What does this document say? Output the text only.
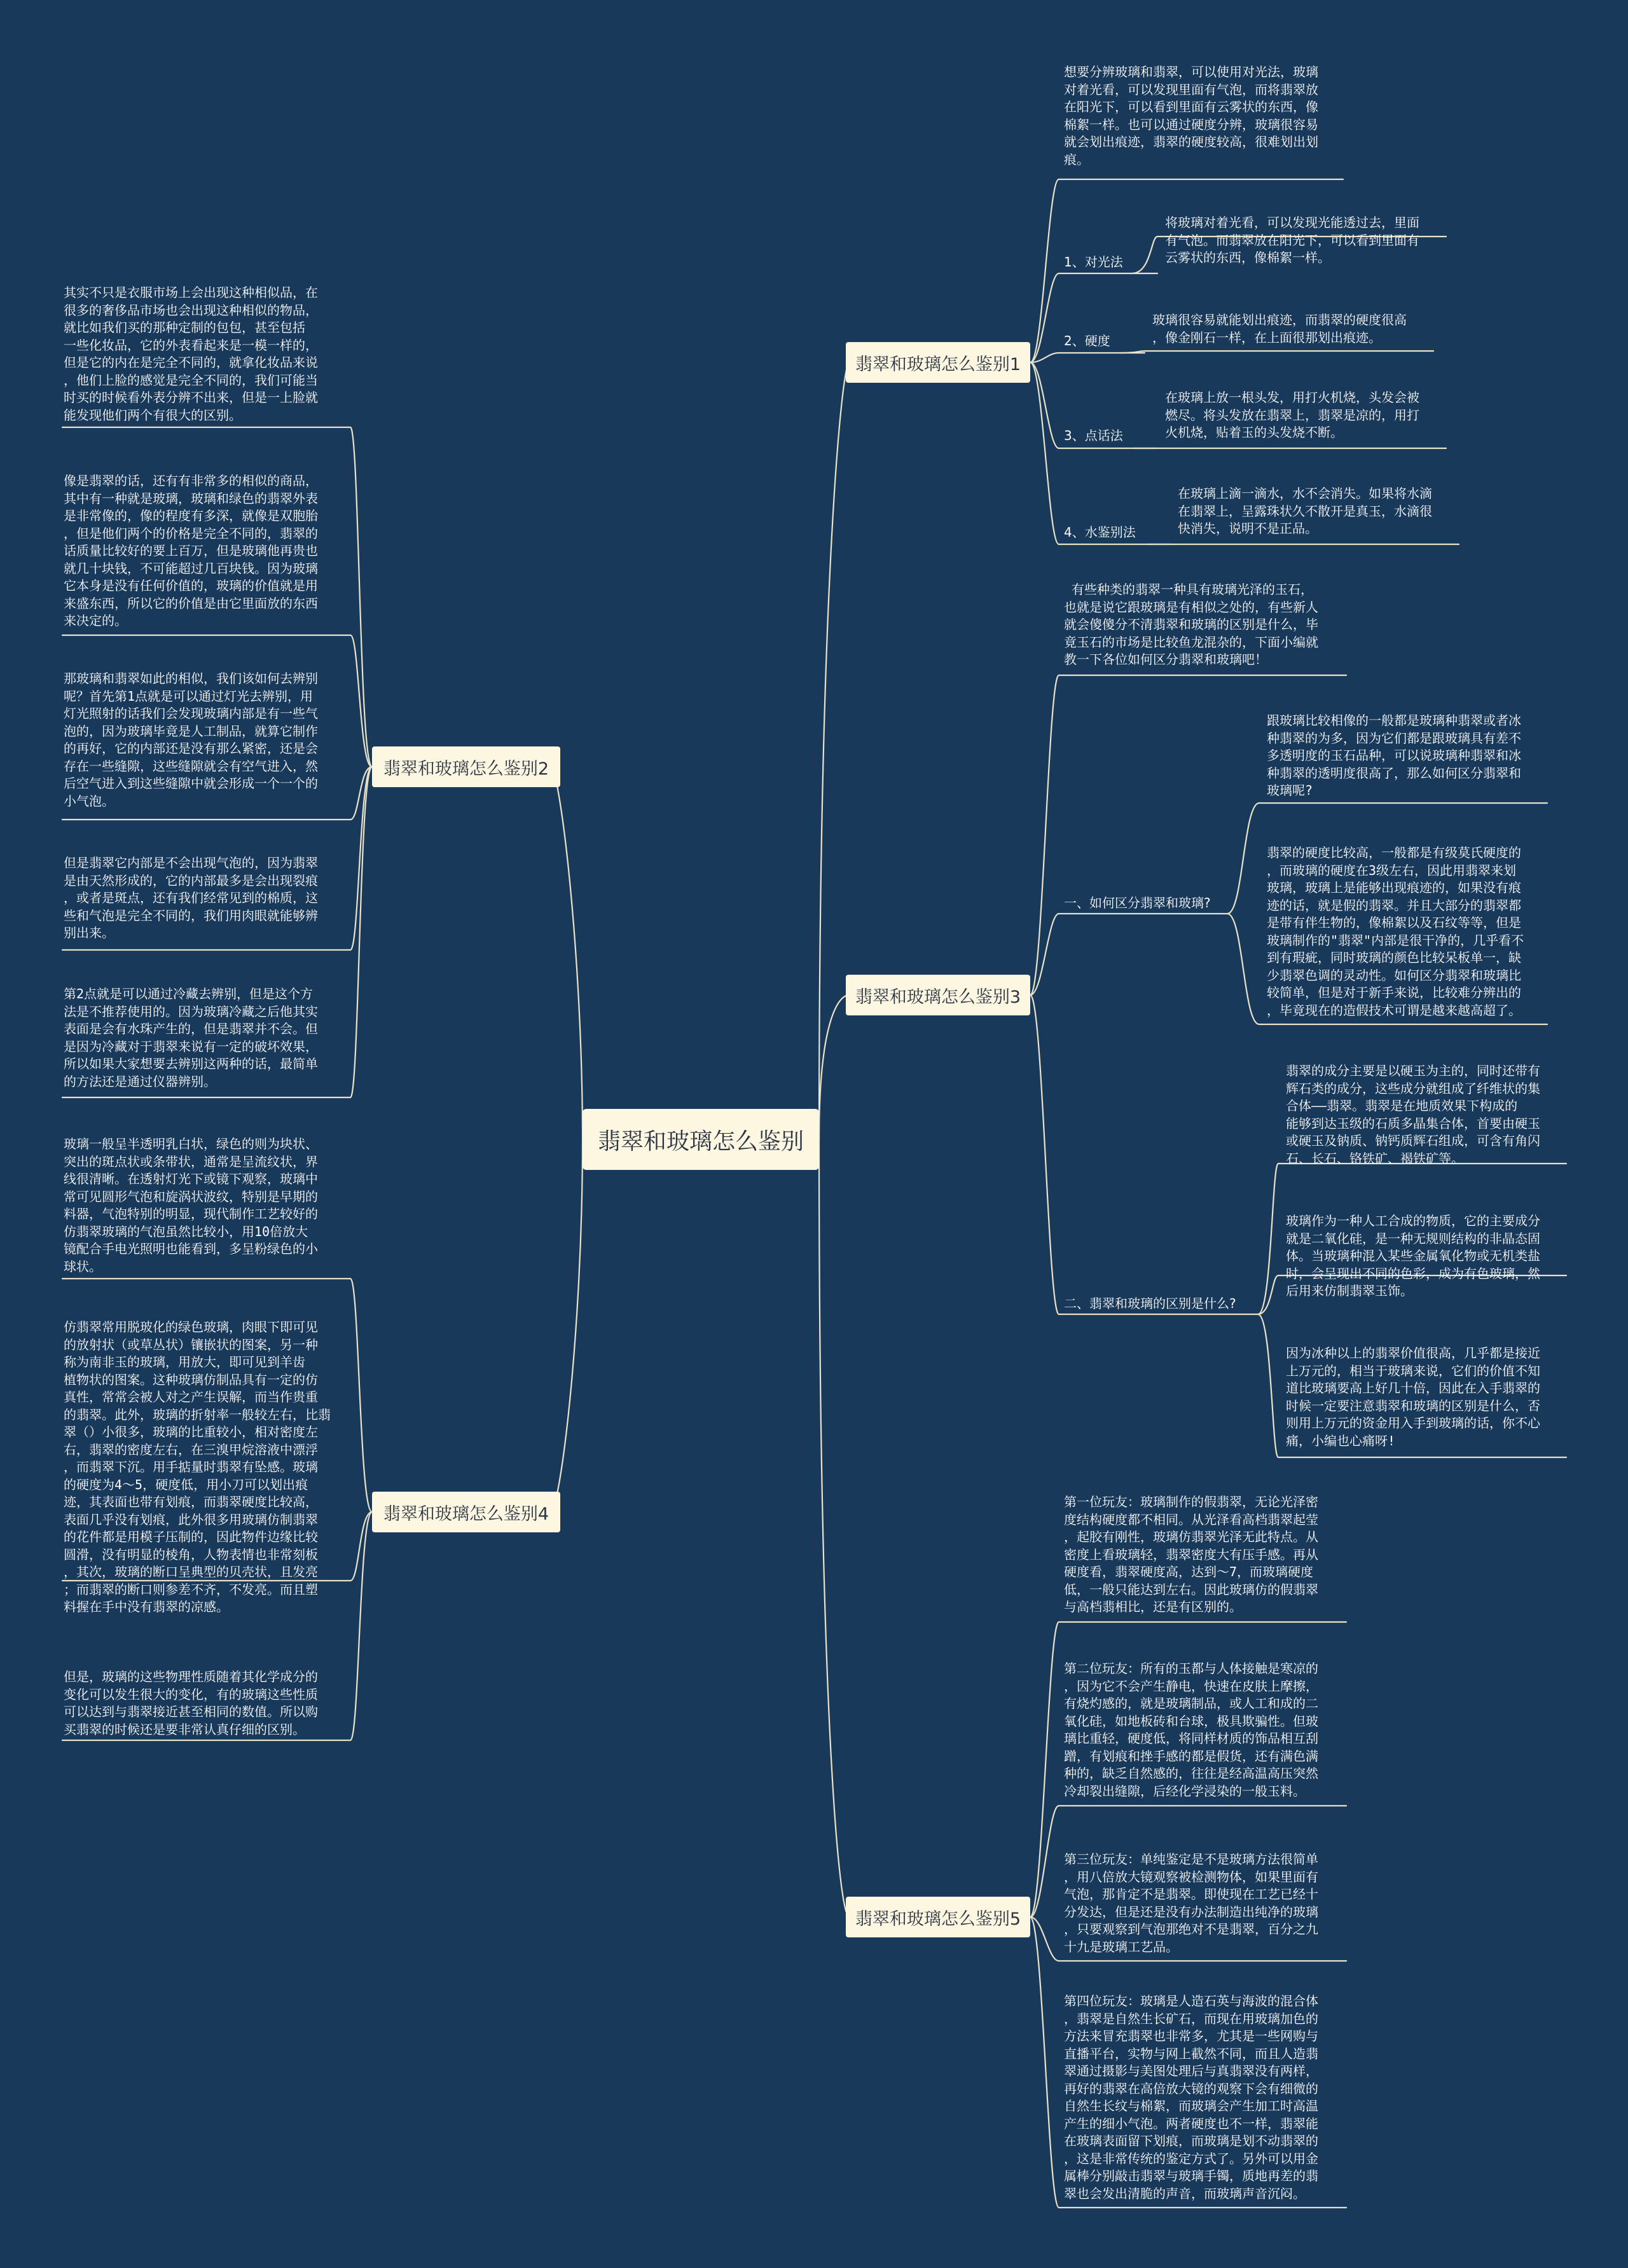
翡翠和玻璃怎么鉴别
翡翠和玻璃怎么鉴别1
翡翠和玻璃怎么鉴别2
翡翠和玻璃怎么鉴别3
翡翠和玻璃怎么鉴别4
翡翠和玻璃怎么鉴别5
1、对光法
2、硬度
3、点话法
4、水鉴别法
一、如何区分翡翠和玻璃?
二、翡翠和玻璃的区别是什么?
想要分辨玻璃和翡翠，可以使用对光法，玻璃
对着光看，可以发现里面有气泡，而将翡翠放
在阳光下，可以看到里面有云雾状的东西，像
棉絮一样。也可以通过硬度分辨，玻璃很容易
就会划出痕迹，翡翠的硬度较高，很难划出划
痕。
将玻璃对着光看，可以发现光能透过去，里面
有气泡。而翡翠放在阳光下，可以看到里面有
云雾状的东西，像棉絮一样。
玻璃很容易就能划出痕迹，而翡翠的硬度很高
，像金刚石一样，在上面很那划出痕迹。
在玻璃上放一根头发，用打火机烧，头发会被
燃尽。将头发放在翡翠上，翡翠是凉的，用打
火机烧，贴着玉的头发烧不断。
在玻璃上滴一滴水，水不会消失。如果将水滴
在翡翠上，呈露珠状久不散开是真玉，水滴很
快消失，说明不是正品。
其实不只是衣服市场上会出现这种相似品，在
很多的奢侈品市场也会出现这种相似的物品，
就比如我们买的那种定制的包包，甚至包括
一些化妆品，它的外表看起来是一模一样的，
但是它的内在是完全不同的，就拿化妆品来说
，他们上脸的感觉是完全不同的，我们可能当
时买的时候看外表分辨不出来，但是一上脸就
能发现他们两个有很大的区别。
像是翡翠的话，还有有非常多的相似的商品，
其中有一种就是玻璃，玻璃和绿色的翡翠外表
是非常像的，像的程度有多深，就像是双胞胎
，但是他们两个的价格是完全不同的，翡翠的
话质量比较好的要上百万，但是玻璃他再贵也
就几十块钱，不可能超过几百块钱。因为玻璃
它本身是没有任何价值的，玻璃的价值就是用
来盛东西，所以它的价值是由它里面放的东西
来决定的。
那玻璃和翡翠如此的相似，我们该如何去辨别
呢？首先第1点就是可以通过灯光去辨别，用
灯光照射的话我们会发现玻璃内部是有一些气
泡的，因为玻璃毕竟是人工制品，就算它制作
的再好，它的内部还是没有那么紧密，还是会
存在一些缝隙，这些缝隙就会有空气进入，然
后空气进入到这些缝隙中就会形成一个一个的
小气泡。
但是翡翠它内部是不会出现气泡的，因为翡翠
是由天然形成的，它的内部最多是会出现裂痕
，或者是斑点，还有我们经常见到的棉质，这
些和气泡是完全不同的，我们用肉眼就能够辨
别出来。
第2点就是可以通过冷藏去辨别，但是这个方
法是不推荐使用的。因为玻璃冷藏之后他其实
表面是会有水珠产生的，但是翡翠并不会。但
是因为冷藏对于翡翠来说有一定的破坏效果，
所以如果大家想要去辨别这两种的话，最简单
的方法还是通过仪器辨别。
有些种类的翡翠一种具有玻璃光泽的玉石，
也就是说它跟玻璃是有相似之处的，有些新人
就会傻傻分不清翡翠和玻璃的区别是什么，毕
竟玉石的市场是比较鱼龙混杂的，下面小编就
教一下各位如何区分翡翠和玻璃吧！
跟玻璃比较相像的一般都是玻璃种翡翠或者冰
种翡翠的为多，因为它们都是跟玻璃具有差不
多透明度的玉石品种，可以说玻璃种翡翠和冰
种翡翠的透明度很高了，那么如何区分翡翠和
玻璃呢?
翡翠的硬度比较高，一般都是有级莫氏硬度的
，而玻璃的硬度在3级左右，因此用翡翠来划
玻璃，玻璃上是能够出现痕迹的，如果没有痕
迹的话，就是假的翡翠。并且大部分的翡翠都
是带有伴生物的，像棉絮以及石纹等等，但是
玻璃制作的"翡翠"内部是很干净的，几乎看不
到有瑕疵，同时玻璃的颜色比较呆板单一，缺
少翡翠色调的灵动性。如何区分翡翠和玻璃比
较简单，但是对于新手来说，比较难分辨出的
，毕竟现在的造假技术可谓是越来越高超了。
翡翠的成分主要是以硬玉为主的，同时还带有
辉石类的成分，这些成分就组成了纤维状的集
合体——翡翠。翡翠是在地质效果下构成的
能够到达玉级的石质多晶集合体，首要由硬玉
或硬玉及钠质、钠钙质辉石组成，可含有角闪
石、长石、铬铁矿、褐铁矿等。
玻璃作为一种人工合成的物质，它的主要成分
就是二氧化硅，是一种无规则结构的非晶态固
体。当玻璃种混入某些金属氧化物或无机类盐
时，会呈现出不同的色彩，成为有色玻璃，然
后用来仿制翡翠玉饰。
因为冰种以上的翡翠价值很高，几乎都是接近
上万元的，相当于玻璃来说，它们的价值不知
道比玻璃要高上好几十倍，因此在入手翡翠的
时候一定要注意翡翠和玻璃的区别是什么，否
则用上万元的资金用入手到玻璃的话，你不心
痛，小编也心痛呀!
玻璃一般呈半透明乳白状，绿色的则为块状、
突出的斑点状或条带状，通常是呈流纹状，界
线很清晰。在透射灯光下或镜下观察，玻璃中
常可见圆形气泡和旋涡状波纹，特别是早期的
料器，气泡特别的明显，现代制作工艺较好的
仿翡翠玻璃的气泡虽然比较小，用10倍放大
镜配合手电光照明也能看到，多呈粉绿色的小
球状。
仿翡翠常用脱玻化的绿色玻璃，肉眼下即可见
的放射状（或草丛状）镶嵌状的图案，另一种
称为南非玉的玻璃，用放大，即可见到羊齿
植物状的图案。这种玻璃仿制品具有一定的仿
真性，常常会被人对之产生误解，而当作贵重
的翡翠。此外，玻璃的折射率一般较左右，比翡
翠（）小很多，玻璃的比重较小，相对密度左
右，翡翠的密度左右，在三溴甲烷溶液中漂浮
，而翡翠下沉。用手掂量时翡翠有坠感。玻璃
的硬度为4～5，硬度低，用小刀可以划出痕
迹，其表面也带有划痕，而翡翠硬度比较高，
表面几乎没有划痕，此外很多用玻璃仿制翡翠
的花件都是用模子压制的，因此物件边缘比较
圆滑，没有明显的棱角，人物表情也非常刻板
，其次，玻璃的断口呈典型的贝壳状，且发亮
；而翡翠的断口则参差不齐，不发亮。而且塑
料握在手中没有翡翠的凉感。
但是，玻璃的这些物理性质随着其化学成分的
变化可以发生很大的变化，有的玻璃这些性质
可以达到与翡翠接近甚至相同的数值。所以购
买翡翠的时候还是要非常认真仔细的区别。
第一位玩友：玻璃制作的假翡翠，无论光泽密
度结构硬度都不相同。从光泽看高档翡翠起莹
，起胶有刚性，玻璃仿翡翠光泽无此特点。从
密度上看玻璃轻，翡翠密度大有压手感。再从
硬度看，翡翠硬度高，达到～7，而玻璃硬度
低，一般只能达到左右。因此玻璃仿的假翡翠
与高档翡相比，还是有区别的。
第二位玩友：所有的玉都与人体接触是寒凉的
，因为它不会产生静电，快速在皮肤上摩擦，
有烧灼感的，就是玻璃制品，或人工和成的二
氧化硅，如地板砖和台球，极具欺骗性。但玻
璃比重轻，硬度低，将同样材质的饰品相互刮
蹭，有划痕和挫手感的都是假货，还有满色满
种的，缺乏自然感的，往往是经高温高压突然
冷却裂出缝隙，后经化学浸染的一般玉料。
第三位玩友：单纯鉴定是不是玻璃方法很简单
，用八倍放大镜观察被检测物体，如果里面有
气泡，那肯定不是翡翠。即使现在工艺已经十
分发达，但是还是没有办法制造出纯净的玻璃
，只要观察到气泡那绝对不是翡翠，百分之九
十九是玻璃工艺品。
第四位玩友：玻璃是人造石英与海波的混合体
，翡翠是自然生长矿石，而现在用玻璃加色的
方法来冒充翡翠也非常多，尤其是一些网购与
直播平台，实物与网上截然不同，而且人造翡
翠通过摄影与美图处理后与真翡翠没有两样，
再好的翡翠在高倍放大镜的观察下会有细微的
自然生长纹与棉絮，而玻璃会产生加工时高温
产生的细小气泡。两者硬度也不一样，翡翠能
在玻璃表面留下划痕，而玻璃是划不动翡翠的
，这是非常传统的鉴定方式了。另外可以用金
属棒分别敲击翡翠与玻璃手镯，质地再差的翡
翠也会发出清脆的声音，而玻璃声音沉闷。
